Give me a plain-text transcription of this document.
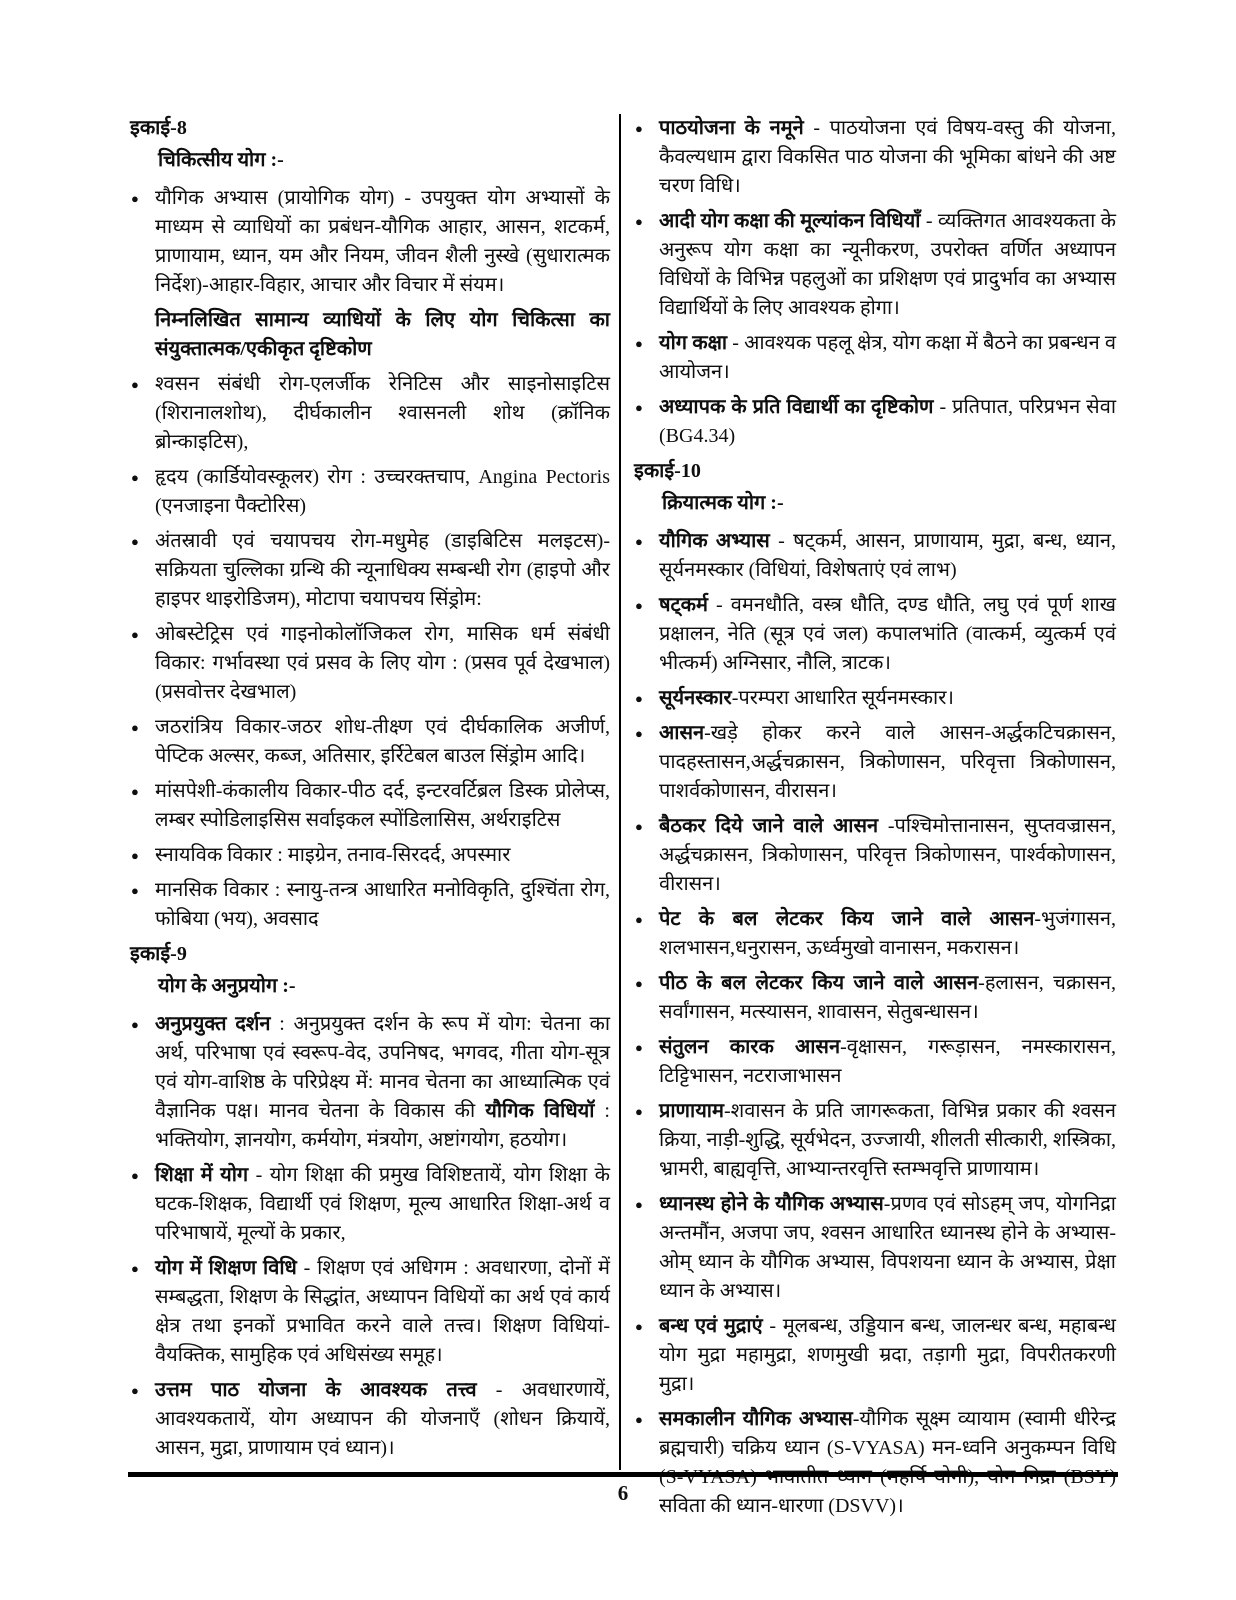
इकाई-8
चिकित्सीय योग :-
● यौगिक अभ्यास (प्रायोगिक योग) - उपयुक्त योग अभ्यासों के माध्यम से व्याधियों का प्रबंधन-यौगिक आहार, आसन, शटकर्म, प्राणायाम, ध्यान, यम और नियम, जीवन शैली नुस्खे (सुधारात्मक निर्देश)-आहार-विहार, आचार और विचार में संयम।
निम्नलिखित सामान्य व्याधियों के लिए योग चिकित्सा का संयुक्तात्मक/एकीकृत दृष्टिकोण
● श्वसन संबंधी रोग-एलर्जीक रेनिटिस और साइनोसाइटिस (शिरानालशोथ), दीर्घकालीन श्वासनली शोथ (क्रॉनिक ब्रोन्काइटिस),
● हृदय (कार्डियोवस्कूलर) रोग : उच्चरक्तचाप, Angina Pectoris (एनजाइना पैक्टोरिस)
● अंतस्रावी एवं चयापचय रोग-मधुमेह (डाइबिटिस मलइटस)- सक्रियता चुल्लिका ग्रन्थि की न्यूनाधिक्य सम्बन्धी रोग (हाइपो और हाइपर थाइरोडिजम), मोटापा चयापचय सिंड्रोम:
● ओबस्टेट्रिस एवं गाइनोकोलॉजिकल रोग, मासिक धर्म संबंधी विकार: गर्भावस्था एवं प्रसव के लिए योग : (प्रसव पूर्व देखभाल) (प्रसवोत्तर देखभाल)
● जठरांत्रिय विकार-जठर शोध-तीक्ष्ण एवं दीर्घकालिक अजीर्ण, पेप्टिक अल्सर, कब्ज, अतिसार, इर्रिटेबल बाउल सिंड्रोम आदि।
● मांसपेशी-कंकालीय विकार-पीठ दर्द, इन्टरवर्टिब्रल डिस्क प्रोलेप्स, लम्बर स्पोडिलाइसिस सर्वाइकल स्पोंडिलासिस, अर्थराइटिस
● स्नायविक विकार : माइग्रेन, तनाव-सिरदर्द, अपस्मार
● मानसिक विकार : स्नायु-तन्त्र आधारित मनोविकृति, दुश्चिंता रोग, फोबिया (भय), अवसाद
इकाई-9
योग के अनुप्रयोग :-
● अनुप्रयुक्त दर्शन : अनुप्रयुक्त दर्शन के रूप में योग: चेतना का अर्थ, परिभाषा एवं स्वरूप-वेद, उपनिषद, भगवद, गीता योग-सूत्र एवं योग-वाशिष्ठ के परिप्रेक्ष्य में: मानव चेतना का आध्यात्मिक एवं वैज्ञानिक पक्ष। मानव चेतना के विकास की यौगिक विधियॉ : भक्तियोग, ज्ञानयोग, कर्मयोग, मंत्रयोग, अष्टांगयोग, हठयोग।
● शिक्षा में योग - योग शिक्षा की प्रमुख विशिष्टतायें, योग शिक्षा के घटक-शिक्षक, विद्यार्थी एवं शिक्षण, मूल्य आधारित शिक्षा-अर्थ व परिभाषायें, मूल्यों के प्रकार,
● योग में शिक्षण विधि - शिक्षण एवं अधिगम : अवधारणा, दोनों में सम्बद्धता, शिक्षण के सिद्धांत, अध्यापन विधियों का अर्थ एवं कार्य क्षेत्र तथा इनकों प्रभावित करने वाले तत्त्व। शिक्षण विधियां- वैयक्तिक, सामुहिक एवं अधिसंख्य समूह।
● उत्तम पाठ योजना के आवश्यक तत्त्व - अवधारणायें, आवश्यकतायें, योग अध्यापन की योजनाएँ (शोधन क्रियायें, आसन, मुद्रा, प्राणायाम एवं ध्यान)।
● पाठयोजना के नमूने - पाठयोजना एवं विषय-वस्तु की योजना, कैवल्यधाम द्वारा विकसित पाठ योजना की भूमिका बांधने की अष्ट चरण विधि।
● आदी योग कक्षा की मूल्यांकन विधियाँ - व्यक्तिगत आवश्यकता के अनुरूप योग कक्षा का न्यूनीकरण, उपरोक्त वर्णित अध्यापन विधियों के विभिन्न पहलुओं का प्रशिक्षण एवं प्रादुर्भाव का अभ्यास विद्यार्थियों के लिए आवश्यक होगा।
● योग कक्षा - आवश्यक पहलू क्षेत्र, योग कक्षा में बैठने का प्रबन्धन व आयोजन।
● अध्यापक के प्रति विद्यार्थी का दृष्टिकोण - प्रतिपात, परिप्रभन सेवा (BG4.34)
इकाई-10
क्रियात्मक योग :-
● यौगिक अभ्यास - षट्कर्म, आसन, प्राणायाम, मुद्रा, बन्ध, ध्यान, सूर्यनमस्कार (विधियां, विशेषताएं एवं लाभ)
● षट्कर्म - वमनधौति, वस्त्र धौति, दण्ड धौति, लघु एवं पूर्ण शाख प्रक्षालन, नेति (सूत्र एवं जल) कपालभांति (वात्कर्म, व्युत्कर्म एवं भीत्कर्म) अग्निसार, नौलि, त्राटक।
● सूर्यनस्कार-परम्परा आधारित सूर्यनमस्कार।
● आसन-खड़े होकर करने वाले आसन-अर्द्धकटिचक्रासन, पादहस्तासन,अर्द्धचक्रासन, त्रिकोणासन, परिवृत्ता त्रिकोणासन, पाशर्वकोणासन, वीरासन।
● बैठकर दिये जाने वाले आसन -पश्चिमोत्तानासन, सुप्तवज्रासन, अर्द्धचक्रासन, त्रिकोणासन, परिवृत्त त्रिकोणासन, पार्श्वकोणासन, वीरासन।
● पेट के बल लेटकर किय जाने वाले आसन-भुजंगासन, शलभासन,धनुरासन, ऊर्ध्वमुखो वानासन, मकरासन।
● पीठ के बल लेटकर किय जाने वाले आसन-हलासन, चक्रासन, सर्वांगासन, मत्स्यासन, शावासन, सेतुबन्धासन।
● संतुलन कारक आसन-वृक्षासन, गरूड़ासन, नमस्कारासन, टिट्टिभासन, नटराजाभासन
● प्राणायाम-शवासन के प्रति जागरूकता, विभिन्न प्रकार की श्वसन क्रिया, नाड़ी-शुद्धि, सूर्यभेदन, उज्जायी, शीलती सीत्कारी, शस्त्रिका, भ्रामरी, बाह्यवृत्ति, आभ्यान्तरवृत्ति स्तम्भवृत्ति प्राणायाम।
● ध्यानस्थ होने के यौगिक अभ्यास-प्रणव एवं सोऽहम् जप, योगनिद्रा अन्तमौंन, अजपा जप, श्वसन आधारित ध्यानस्थ होने के अभ्यास-ओम् ध्यान के यौगिक अभ्यास, विपशयना ध्यान के अभ्यास, प्रेक्षा ध्यान के अभ्यास।
● बन्ध एवं मुद्राएं - मूलबन्ध, उड्डियान बन्ध, जालन्धर बन्ध, महाबन्ध योग मुद्रा महामुद्रा, शणमुखी म्रदा, तड़ागी मुद्रा, विपरीतकरणी मुद्रा।
● समकालीन यौगिक अभ्यास-यौगिक सूक्ष्म व्यायाम (स्वामी धीरेन्द्र ब्रह्मचारी) चक्रिय ध्यान (S-VYASA) मन-ध्वनि अनुकम्पन विधि (S-VYASA) भावातीत ध्यान (महर्षि योगी), योग निद्रा (BSY) सविता की ध्यान-धारणा (DSVV)।
6
